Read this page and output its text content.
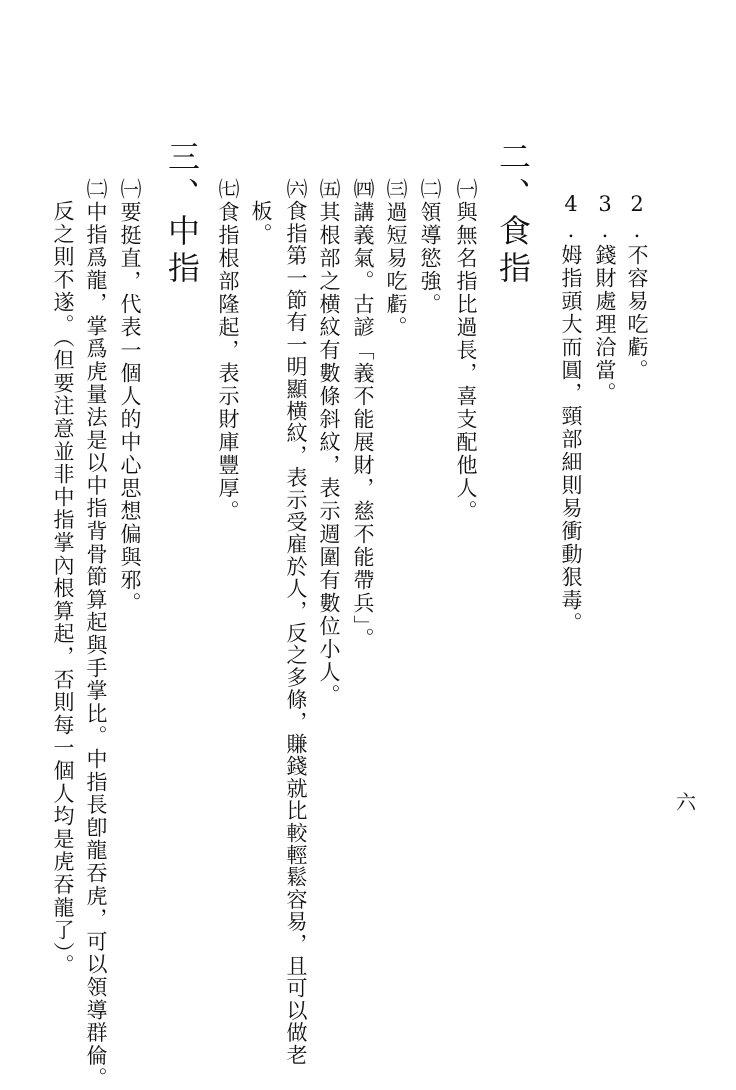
2.不容易吃虧。
3.錢財處理洽當。
4.姆指頭大而圓，頸部細則易衝動狠毒。
二、食指
㈠與無名指比過長，喜支配他人。
㈡領導慾強。
㈢過短易吃虧。
㈣講義氣。古諺「義不能展財，慈不能帶兵」。
㈤其根部之横紋有數條斜紋，表示週圍有數位小人。
㈥食指第一節有一明顯横紋，表示受雇於人，反之多條，賺錢就比較輕鬆容易，且可以做老
板。
㈦食指根部隆起，表示財庫豐厚。
三、中指
㈠要挺直，代表一個人的中心思想偏與邪。
㈡中指爲龍，掌爲虎量法是以中指背骨節算起與手掌比。中指長卽龍吞虎，可以領導群倫。
反之則不遂。（但要注意並非中指掌內根算起，否則每一個人均是虎吞龍了）。	六
